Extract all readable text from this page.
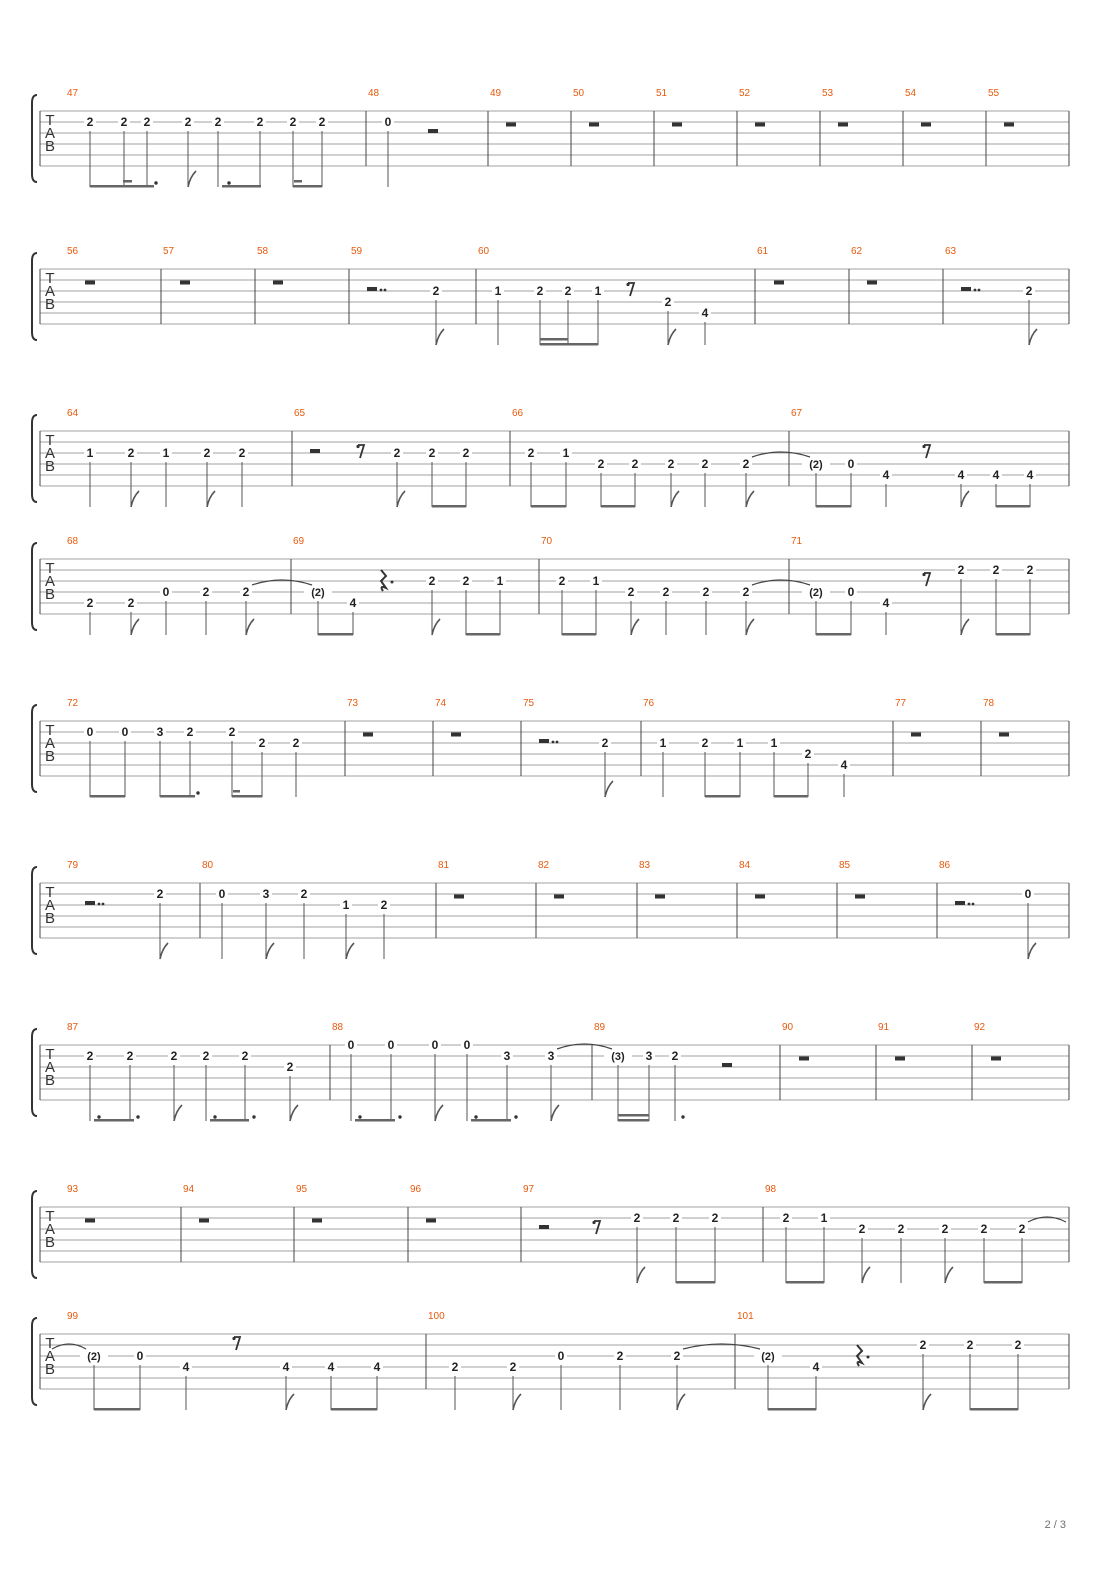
T
A
B
47
2 2 2	2 2	2 2 2
48
0
49	50	51	52	53	54	55
T
A
B
56	57	58	59
2
60
1	2 2 1
2
4
61	62	63
2
T
A
B
64
1	2 1	2 2
65
2 2 2
66
2 1
2 2 2 2	2
67
(2) 0
4	4 4 4
T
A
B
68
2	2
0	2	2
69
(2)
4
2 2 1
70
2 1
2 2	2	2
71
(2) 0
4
2 2 2
T
A
B
72
0 0 3 2	2
2 2
73	74	75
2
76
1	2 1 1
2
4
77	78
T
A
B
79
2
80
0	3	2
1	2
81	82	83	84	85	86
0
T
A
B
87
2	2	2 2	2
2
88
0	0	0 0
3	3
89
(3) 3 2
90	91	92
T
A
B
93	94	95	96	97
2	2	2
98
2	1
2	2	2	2	2
T
A
B
99
(2)	0
4	4	4	4
100
2	2
0	2	2
101
(2)
4
2	2	2
2 / 3
